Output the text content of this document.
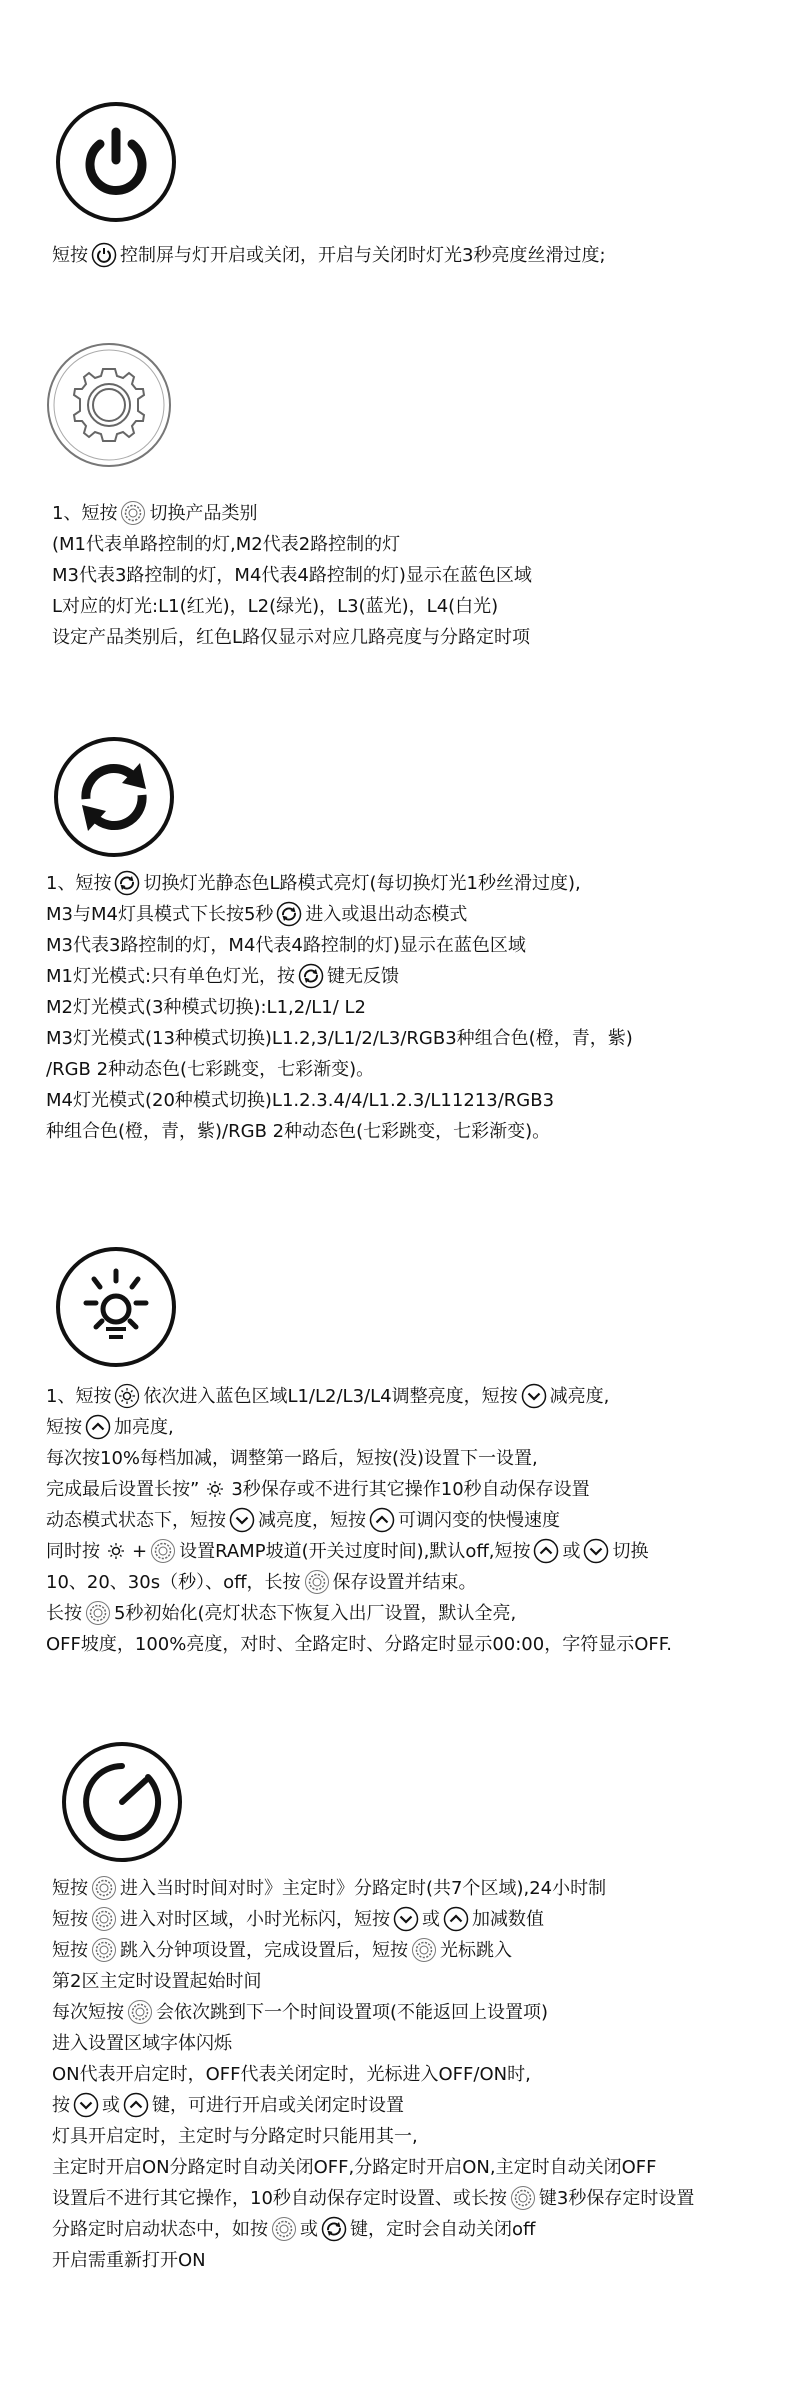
短按 控制屏与灯开启或关闭，开启与关闭时灯光3秒亮度丝滑过度;
1、短按 切换产品类别
(M1代表单路控制的灯,M2代表2路控制的灯
M3代表3路控制的灯，M4代表4路控制的灯)显示在蓝色区域
L对应的灯光:L1(红光)，L2(绿光)，L3(蓝光)，L4(白光)
设定产品类别后，红色L路仅显示对应几路亮度与分路定时项
1、短按 切换灯光静态色L路模式亮灯(每切换灯光1秒丝滑过度),
M3与M4灯具模式下长按5秒 进入或退出动态模式
M3代表3路控制的灯，M4代表4路控制的灯)显示在蓝色区域
M1灯光模式:只有单色灯光，按 键无反馈
M2灯光模式(3种模式切换):L1,2/L1/ L2
M3灯光模式(13种模式切换)L1.2,3/L1/2/L3/RGB3种组合色(橙，青，紫)
/RGB 2种动态色(七彩跳变，七彩渐变)。
M4灯光模式(20种模式切换)L1.2.3.4/4/L1.2.3/L11213/RGB3
种组合色(橙，青，紫)/RGB 2种动态色(七彩跳变，七彩渐变)。
1、短按 依次进入蓝色区域L1/L2/L3/L4调整亮度，短按 减亮度,
短按 加亮度,
每次按10%每档加减，调整第一路后，短按(没)设置下一设置,
完成最后设置长按” 3秒保存或不进行其它操作10秒自动保存设置
动态模式状态下，短按 减亮度，短按 可调闪变的快慢速度
同时按 + 设置RAMP坡道(开关过度时间),默认off,短按 或 切换
10、20、30s（秒）、off，长按 保存设置并结束。
长按 5秒初始化(亮灯状态下恢复入出厂设置，默认全亮,
OFF坡度，100%亮度，对时、全路定时、分路定时显示00:00，字符显示OFF.
短按 进入当时时间对时》主定时》分路定时(共7个区域),24小时制
短按 进入对时区域，小时光标闪，短按 或 加减数值
短按 跳入分钟项设置，完成设置后，短按 光标跳入
第2区主定时设置起始时间
每次短按 会依次跳到下一个时间设置项(不能返回上设置项)
进入设置区域字体闪烁
ON代表开启定时，OFF代表关闭定时，光标进入OFF/ON时,
按 或 键，可进行开启或关闭定时设置
灯具开启定时，主定时与分路定时只能用其一,
主定时开启ON分路定时自动关闭OFF,分路定时开启ON,主定时自动关闭OFF
设置后不进行其它操作，10秒自动保存定时设置、或长按 键3秒保存定时设置
分路定时启动状态中，如按 或 键，定时会自动关闭off
开启需重新打开ON
